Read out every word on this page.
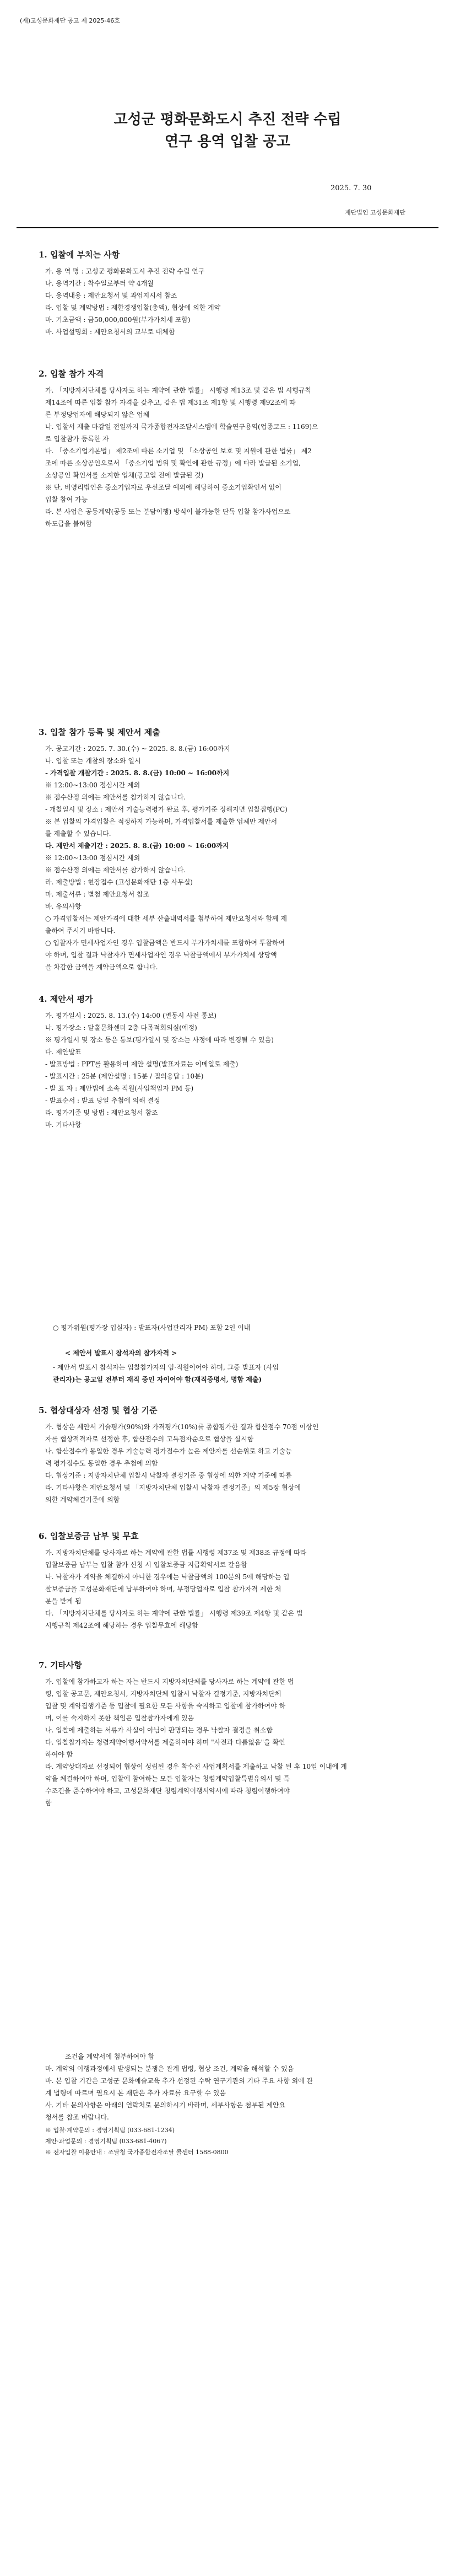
(재)고성문화재단 공고 제 2025-46호
고성군 평화문화도시 추진 전략 수립
연구 용역 입찰 공고
2025. 7. 30
재단법인 고성문화재단
1. 입찰에 부치는 사항
가. 용 역 명 : 고성군 평화문화도시 추진 전략 수립 연구
나. 용역기간 : 착수일로부터 약 4개월
다. 용역내용 : 제안요청서 및 과업지시서 참조
라. 입찰 및 계약방법 : 제한경쟁입찰(총액), 협상에 의한 계약
마. 기초금액 : 금50,000,000원(부가가치세 포함)
바. 사업설명회 : 제안요청서의 교부로 대체함
2. 입찰 참가 자격
가. 「지방자치단체를 당사자로 하는 계약에 관한 법률」 시행령 제13조 및 같은 법 시행규칙
제14조에 따른 입찰 참가 자격을 갖추고, 같은 법 제31조 제1항 및 시행령 제92조에 따
른 부정당업자에 해당되지 않은 업체
나. 입찰서 제출 마감일 전일까지 국가종합전자조달시스템에 학술연구용역(업종코드 : 1169)으
로 입찰참가 등록한 자
다. 「중소기업기본법」 제2조에 따른 소기업 및 「소상공인 보호 및 지원에 관한 법률」 제2
조에 따른 소상공인으로서 「중소기업 범위 및 확인에 관한 규정」에 따라 발급된 소기업,
소상공인 확인서를 소지한 업체(공고일 전에 발급된 것)
※ 단, 비영리법인은 중소기업자로 우선조달 예외에 해당하여 중소기업확인서 없이
입찰 참여 가능
라. 본 사업은 공동계약(공동 또는 분담이행) 방식이 불가능한 단독 입찰 참가사업으로
하도급을 불허함
3. 입찰 참가 등록 및 제안서 제출
가. 공고기간 : 2025. 7. 30.(수) ~ 2025. 8. 8.(금) 16:00까지
나. 입찰 또는 개찰의 장소와 일시
- 가격입찰 개찰기간 : 2025. 8. 8.(금) 10:00 ~ 16:00까지
※ 12:00~13:00 점심시간 제외
※ 점수산정 외에는 제안서를 참가하지 않습니다.
- 개찰일시 및 장소 : 제안서 기술능력평가 완료 후, 평가기준 정해지면 입찰집행(PC)
※ 본 입찰의 가격입찰은 적정하지 가능하며, 가격입찰서를 제출한 업체만 제안서
를 제출할 수 있습니다.
다. 제안서 제출기간 : 2025. 8. 8.(금) 10:00 ~ 16:00까지
※ 12:00~13:00 점심시간 제외
※ 점수산정 외에는 제안서를 참가하지 않습니다.
라. 제출방법 : 현장접수 (고성문화재단 1층 사무실)
마. 제출서류 : 별첨 제안요청서 참조
바. 유의사항
○ 가격입찰서는 제안가격에 대한 세부 산출내역서를 첨부하여 제안요청서와 함께 제
출하여 주시기 바랍니다.
○ 입찰자가 면세사업자인 경우 입찰금액은 반드시 부가가치세를 포함하여 투찰하여
야 하며, 입찰 결과 낙찰자가 면세사업자인 경우 낙찰금액에서 부가가치세 상당액
을 차감한 금액을 계약금액으로 합니다.
4. 제안서 평가
가. 평가일시 : 2025. 8. 13.(수) 14:00 (변동시 사전 통보)
나. 평가장소 : 달홀문화센터 2층 다목적회의실(예정)
※ 평가일시 및 장소 등은 통보(평가일시 및 장소는 사정에 따라 변경될 수 있음)
다. 제안발표
- 발표방법 : PPT를 활용하여 제안 설명(발표자료는 이메일로 제출)
- 발표시간 : 25분 (제안설명 : 15분 / 질의응답 : 10분)
- 발 표 자 : 제안법에 소속 직원(사업책임자 PM 등)
- 발표순서 : 발표 당일 추첨에 의해 결정
라. 평가기준 및 방법 : 제안요청서 참조
마. 기타사항
○ 평가위원(평가장 입실자) : 발표자(사업관리자 PM) 포함 2인 이내
< 제안서 발표시 참석자의 참가자격 >
- 제안서 발표시 참석자는 입찰참가자의 임·직원이어야 하며, 그중 발표자 (사업
관리자)는 공고일 전부터 재직 중인 자이어야 함(재직증명서, 명함 제출)
5. 협상대상자 선정 및 협상 기준
가. 협상은 제안서 기술평가(90%)와 가격평가(10%)를 종합평가한 결과 합산점수 70점 이상인
자를 협상적격자로 선정한 후, 합산점수의 고득점자순으로 협상을 실시함
나. 합산점수가 동일한 경우 기술능력 평가점수가 높은 제안자를 선순위로 하고 기술능
력 평가점수도 동일한 경우 추첨에 의함
다. 협상기준 : 지방자치단체 입찰시 낙찰자 결정기준 중 협상에 의한 계약 기준에 따름
라. 기타사항은 제안요청서 및 「지방자치단체 입찰시 낙찰자 결정기준」의 제5장 협상에
의한 계약체결기준에 의함
6. 입찰보증금 납부 및 무효
가. 지방자치단체를 당사자로 하는 계약에 관한 법률 시행령 제37조 및 제38조 규정에 따라
입찰보증금 납부는 입찰 참가 신청 시 입찰보증금 지급확약서로 갈음함
나. 낙찰자가 계약을 체결하지 아니한 경우에는 낙찰금액의 100분의 5에 해당하는 입
찰보증금을 고성문화재단에 납부하여야 하며, 부정당업자로 입찰 참가자격 제한 처
분을 받게 됨
다. 「지방자치단체를 당사자로 하는 계약에 관한 법률」 시행령 제39조 제4항 및 같은 법
시행규칙 제42조에 해당하는 경우 입찰무효에 해당함
7. 기타사항
가. 입찰에 참가하고자 하는 자는 반드시 지방자치단체를 당사자로 하는 계약에 관한 법
령, 입찰 공고문, 제안요청서, 지방자치단체 입찰시 낙찰자 결정기준, 지방자치단체
입찰 및 계약집행기준 등 입찰에 필요한 모든 사항을 숙지하고 입찰에 참가하여야 하
며, 이를 숙지하지 못한 책임은 입찰참가자에게 있음
나. 입찰에 제출하는 서류가 사실이 아님이 판명되는 경우 낙찰자 결정을 취소함
다. 입찰참가자는 청렴계약이행서약서를 제출하여야 하며 "사전과 다름없음"을 확인
하여야 함
라. 계약상대자로 선정되어 협상이 성립된 경우 착수전 사업계획서를 제출하고 낙찰 된 후 10일 이내에 계
약을 체결하여야 하며, 입찰에 참여하는 모든 입찰자는 청렴계약입찰특별유의서 및 특
수조건을 준수하여야 하고, 고성문화재단 청렴계약이행서약서에 따라 청렴이행하여야
함
조건을 계약서에 첨부하여야 함
마. 계약의 이행과정에서 발생되는 분쟁은 관계 법령, 협상 조건, 계약을 해석할 수 있음
바. 본 입찰 기간은 고성군 문화예술교육 추가 선정된 수탁 연구기관의 기타 주요 사항 외에 관
계 법령에 따르며 필요시 본 재단은 추가 자료를 요구할 수 있음
사. 기타 문의사항은 아래의 연락처로 문의하시기 바라며, 세부사항은 첨부된 제안요
청서를 참조 바랍니다.
※ 입찰·계약문의 : 경영기획팀 (033-681-1234)
제안·과업문의 : 경영기획팀 (033-681-4067)
※ 전자입찰 이용안내 : 조달청 국가종합전자조달 콜센터 1588-0800
